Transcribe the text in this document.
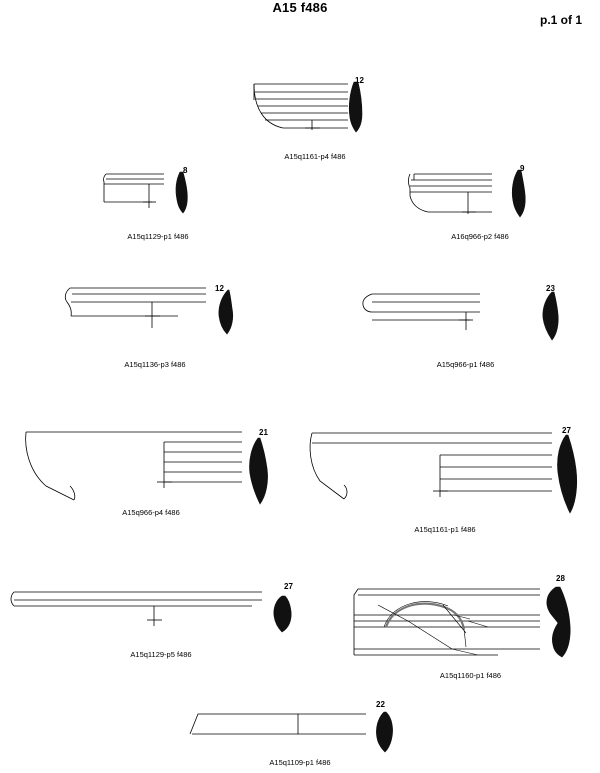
A15 f486
p.1 of 1
12
A15q1161-p4 f486
8
A15q1129-p1 f486
9
A16q966-p2 f486
12
A15q1136-p3 f486
23
A15q966-p1 f486
21
A15q966-p4 f486
27
A15q1161-p1 f486
27
A15q1129-p5 f486
28
A15q1160-p1 f486
22
A15q1109-p1 f486
